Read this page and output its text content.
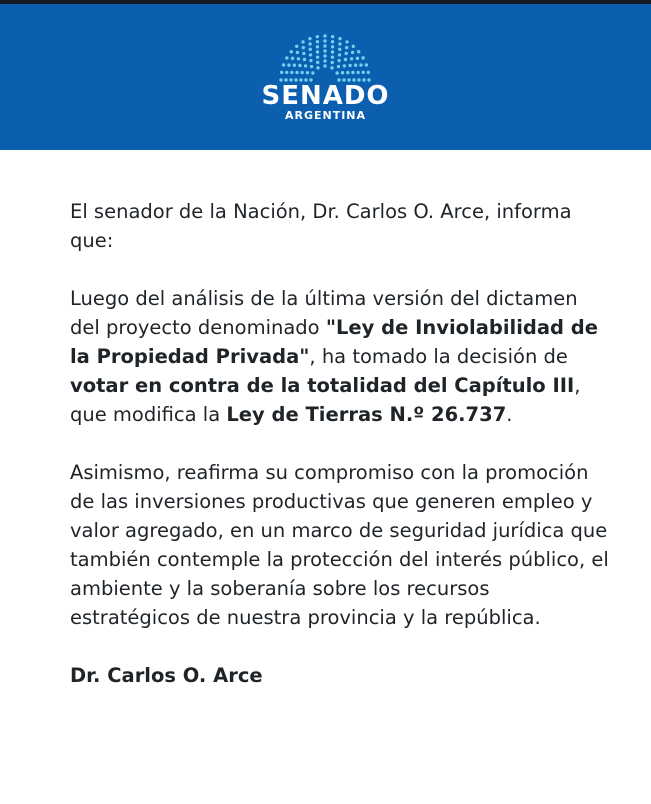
SENADO
ARGENTINA

El senador de la Nación, Dr. Carlos O. Arce, informa que:

Luego del análisis de la última versión del dictamen del proyecto denominado "Ley de Inviolabilidad de la Propiedad Privada", ha tomado la decisión de votar en contra de la totalidad del Capítulo III, que modifica la Ley de Tierras N.º 26.737.

Asimismo, reafirma su compromiso con la promoción de las inversiones productivas que generen empleo y valor agregado, en un marco de seguridad jurídica que también contemple la protección del interés público, el ambiente y la soberanía sobre los recursos estratégicos de nuestra provincia y la república.

Dr. Carlos O. Arce
